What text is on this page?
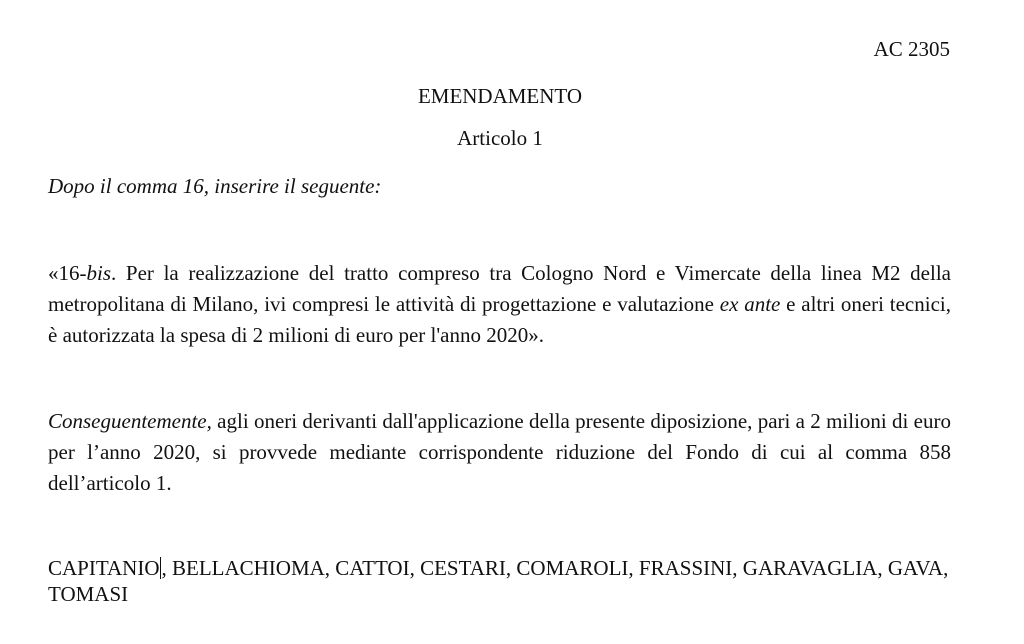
AC 2305
EMENDAMENTO
Articolo 1
Dopo il comma 16, inserire il seguente:
«16-bis. Per la realizzazione del tratto compreso tra Cologno Nord e Vimercate della linea M2 della metropolitana di Milano, ivi compresi le attività di progettazione e valutazione ex ante e altri oneri tecnici, è autorizzata la spesa di 2 milioni di euro per l'anno 2020».
Conseguentemente, agli oneri derivanti dall'applicazione della presente diposizione, pari a 2 milioni di euro per l’anno 2020, si provvede mediante corrispondente riduzione del Fondo di cui al comma 858 dell’articolo 1.
CAPITANIO, BELLACHIOMA, CATTOI, CESTARI, COMAROLI, FRASSINI, GARAVAGLIA, GAVA, TOMASI
